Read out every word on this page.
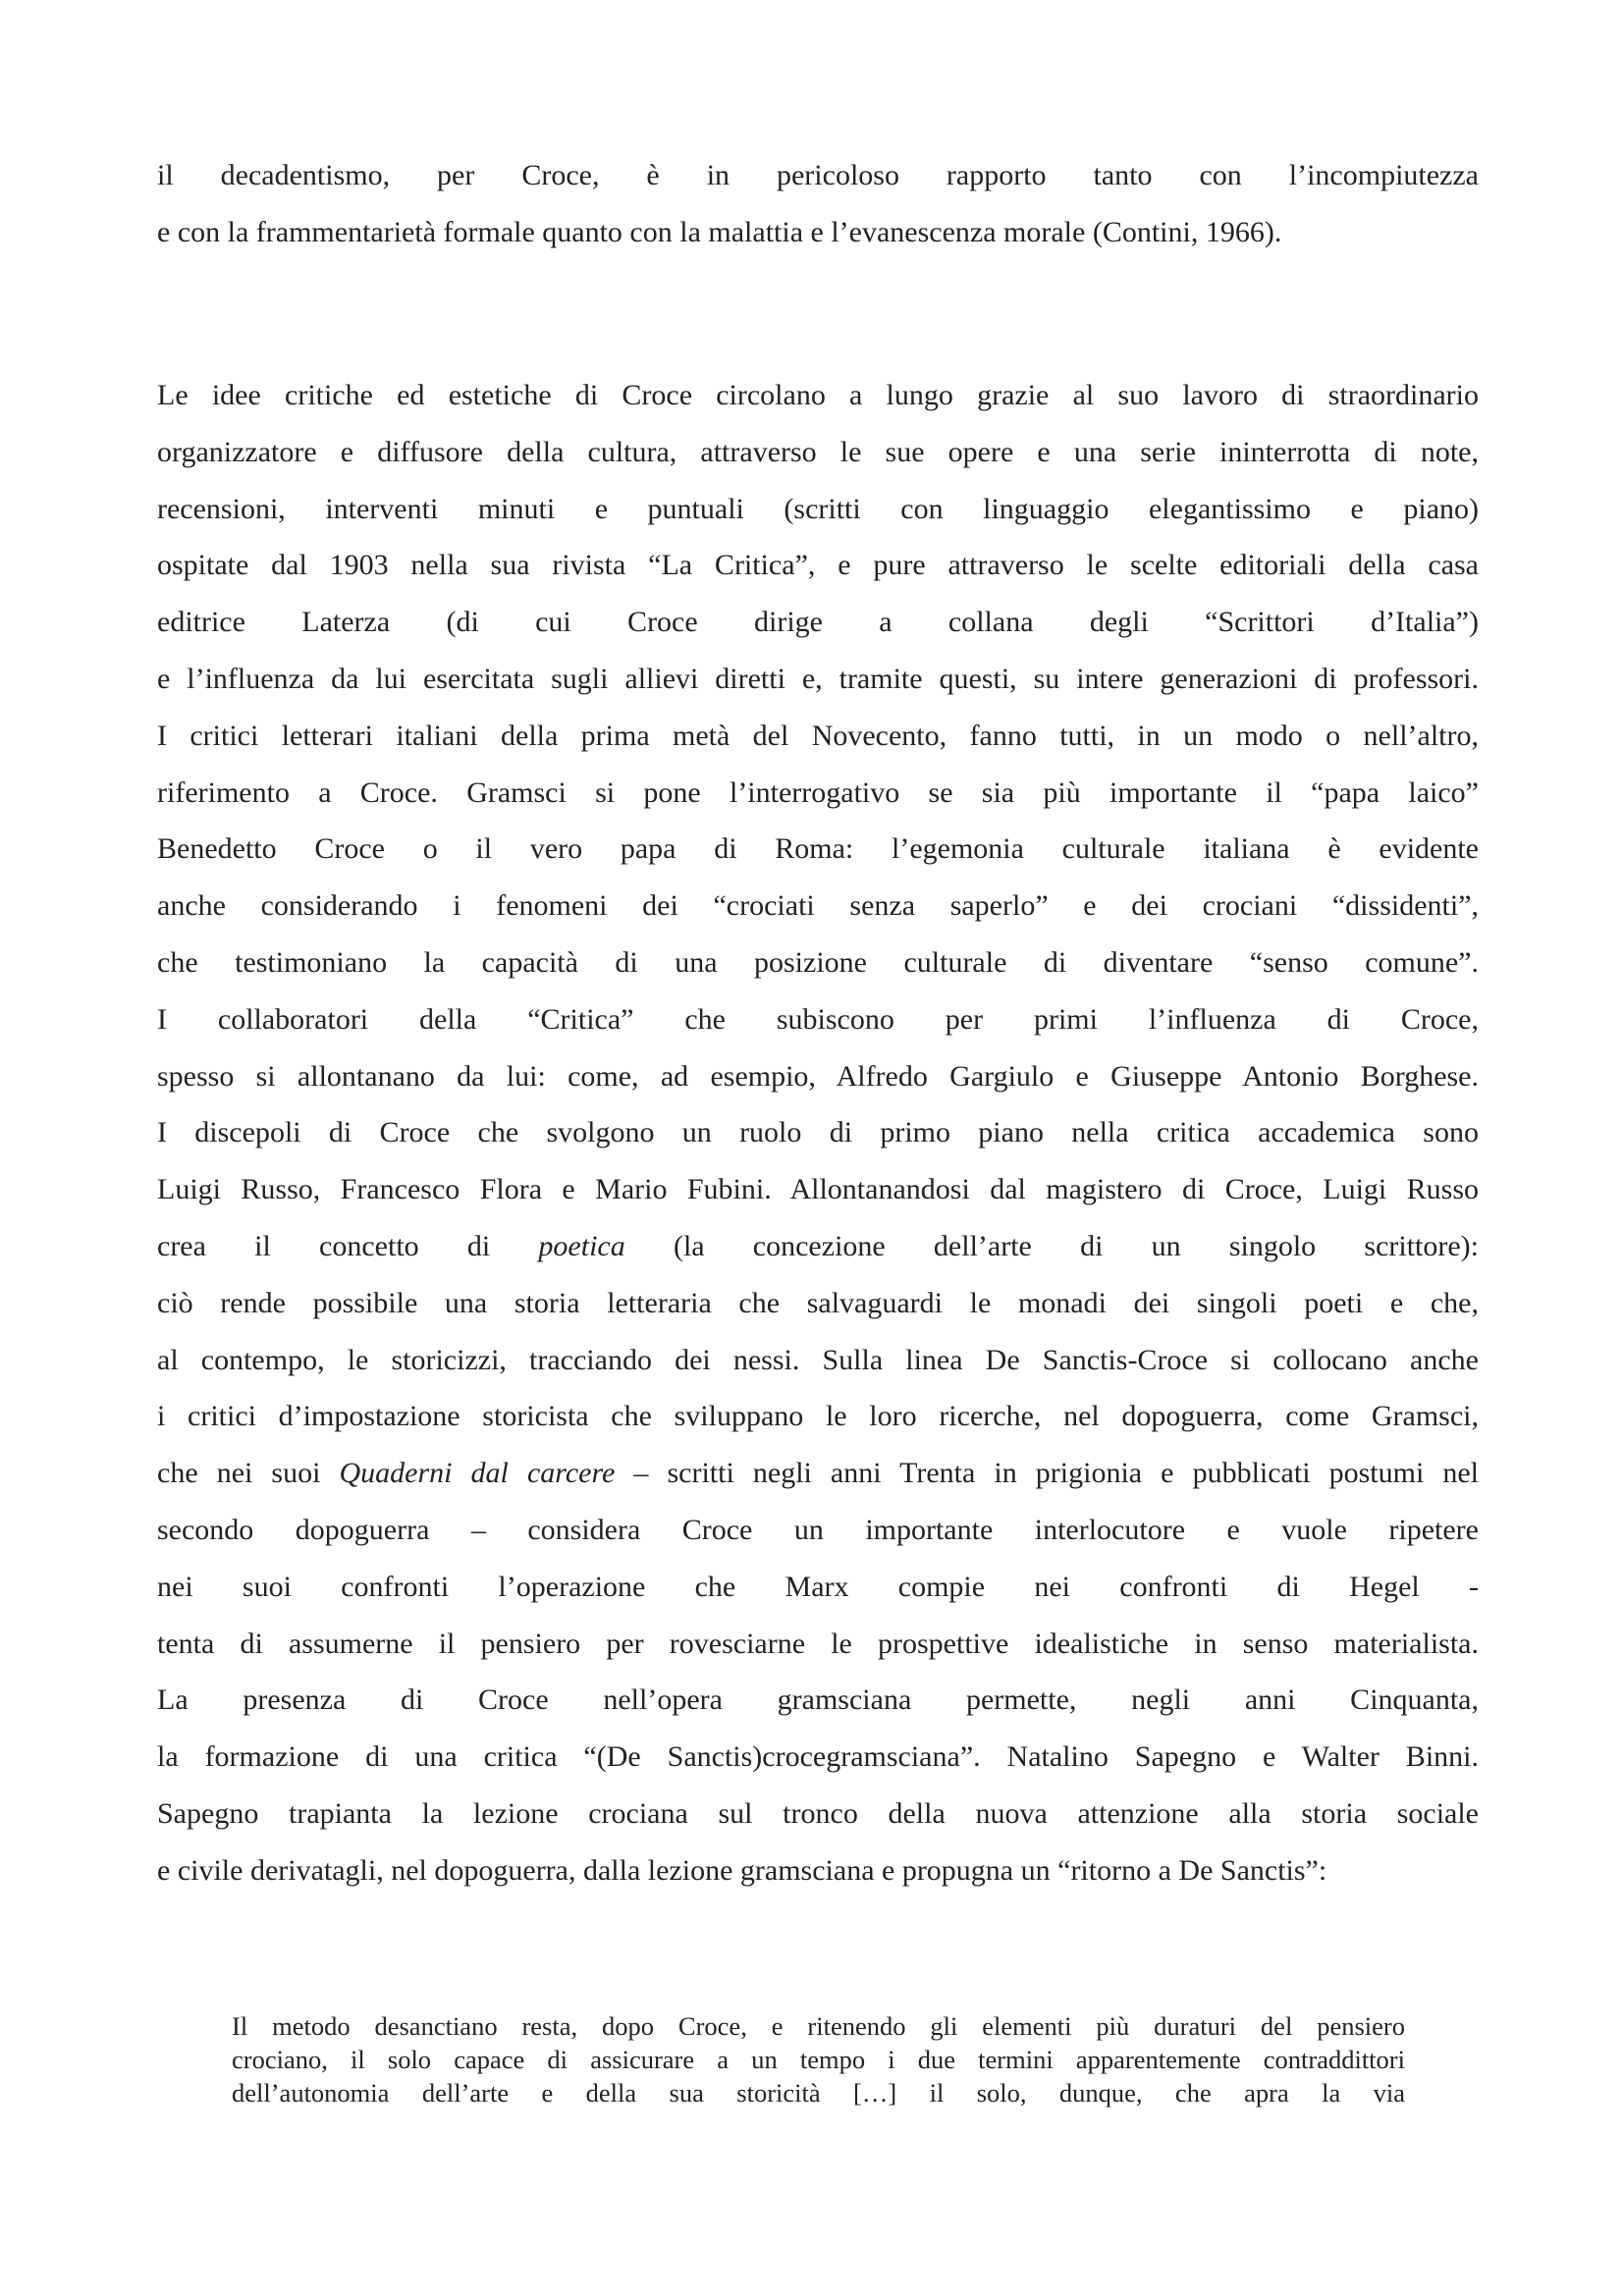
il decadentismo, per Croce, è in pericoloso rapporto tanto con l’incompiutezza
e con la frammentarietà formale quanto con la malattia e l’evanescenza morale (Contini, 1966).
Le idee critiche ed estetiche di Croce circolano a lungo grazie al suo lavoro di straordinario
organizzatore e diffusore della cultura, attraverso le sue opere e una serie ininterrotta di note,
recensioni, interventi minuti e puntuali (scritti con linguaggio elegantissimo e piano)
ospitate dal 1903 nella sua rivista “La Critica”, e pure attraverso le scelte editoriali della casa
editrice Laterza (di cui Croce dirige a collana degli “Scrittori d’Italia”)
e l’influenza da lui esercitata sugli allievi diretti e, tramite questi, su intere generazioni di professori.
I critici letterari italiani della prima metà del Novecento, fanno tutti, in un modo o nell’altro,
riferimento a Croce. Gramsci si pone l’interrogativo se sia più importante il “papa laico”
Benedetto Croce o il vero papa di Roma: l’egemonia culturale italiana è evidente
anche considerando i fenomeni dei “crociati senza saperlo” e dei crociani “dissidenti”,
che testimoniano la capacità di una posizione culturale di diventare “senso comune”.
I collaboratori della “Critica” che subiscono per primi l’influenza di Croce,
spesso si allontanano da lui: come, ad esempio, Alfredo Gargiulo e Giuseppe Antonio Borghese.
I discepoli di Croce che svolgono un ruolo di primo piano nella critica accademica sono
Luigi Russo, Francesco Flora e Mario Fubini. Allontanandosi dal magistero di Croce, Luigi Russo
crea il concetto di poetica (la concezione dell’arte di un singolo scrittore):
ciò rende possibile una storia letteraria che salvaguardi le monadi dei singoli poeti e che,
al contempo, le storicizzi, tracciando dei nessi. Sulla linea De Sanctis-Croce si collocano anche
i critici d’impostazione storicista che sviluppano le loro ricerche, nel dopoguerra, come Gramsci,
che nei suoi Quaderni dal carcere – scritti negli anni Trenta in prigionia e pubblicati postumi nel
secondo dopoguerra – considera Croce un importante interlocutore e vuole ripetere
nei suoi confronti l’operazione che Marx compie nei confronti di Hegel -
tenta di assumerne il pensiero per rovesciarne le prospettive idealistiche in senso materialista.
La presenza di Croce nell’opera gramsciana permette, negli anni Cinquanta,
la formazione di una critica “(De Sanctis)crocegramsciana”. Natalino Sapegno e Walter Binni.
Sapegno trapianta la lezione crociana sul tronco della nuova attenzione alla storia sociale
e civile derivatagli, nel dopoguerra, dalla lezione gramsciana e propugna un “ritorno a De Sanctis”:
Il metodo desanctiano resta, dopo Croce, e ritenendo gli elementi più duraturi del pensiero
crociano, il solo capace di assicurare a un tempo i due termini apparentemente contraddittori
dell’autonomia dell’arte e della sua storicità […] il solo, dunque, che apra la via
